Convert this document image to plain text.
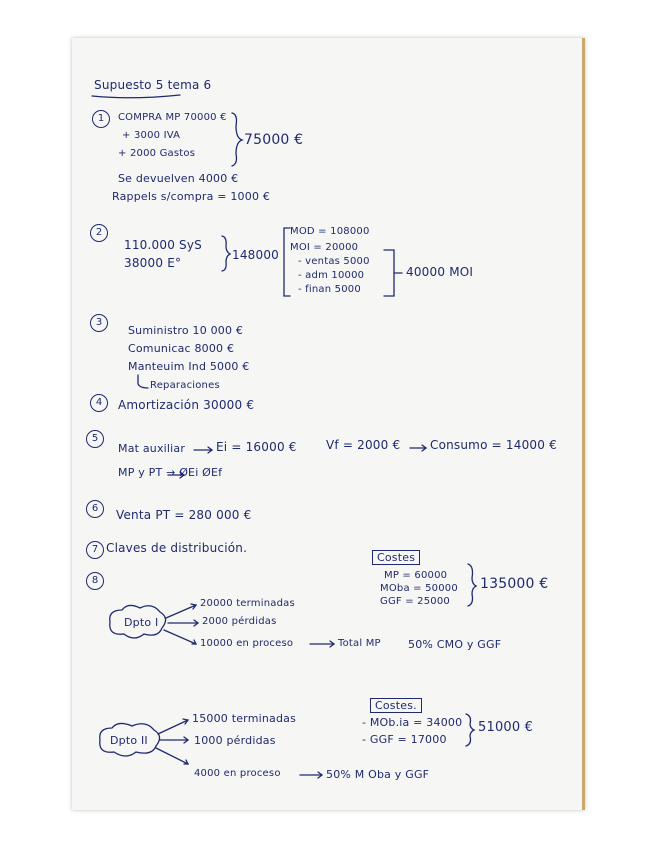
Supuesto 5 tema 6
1	COMPRA MP 70000 €
+ 3000 IVA
+ 2000 Gastos
75000 €
Se devuelven 4000 €
Rappels s/compra = 1000 €
2
110.000 SyS
38000 E°
148000
MOD = 108000
MOI = 20000
- ventas 5000
- adm 10000
- finan 5000
40000 MOI
3
Suministro 10 000 €
Comunicac 8000 €
Manteuim Ind 5000 €
Reparaciones
4	Amortización 30000 €
5
Mat auxiliar	Ei = 16000 € Vf = 2000 € Consumo = 14000 €
MP y PT → ØEi ØEf
6	Venta PT = 280 000 €
7 Claves de distribución.
8
Costes
MP = 60000
MOba = 50000
GGF = 25000
135000 €
Dpto I
20000 terminadas
2000 pérdidas
10000 en proceso	Total MP 50% CMO y GGF
Costes.
- MOb.ia = 34000
- GGF = 17000
51000 €
Dpto II
15000 terminadas
1000 pérdidas
4000 en proceso	50% M Oba y GGF
